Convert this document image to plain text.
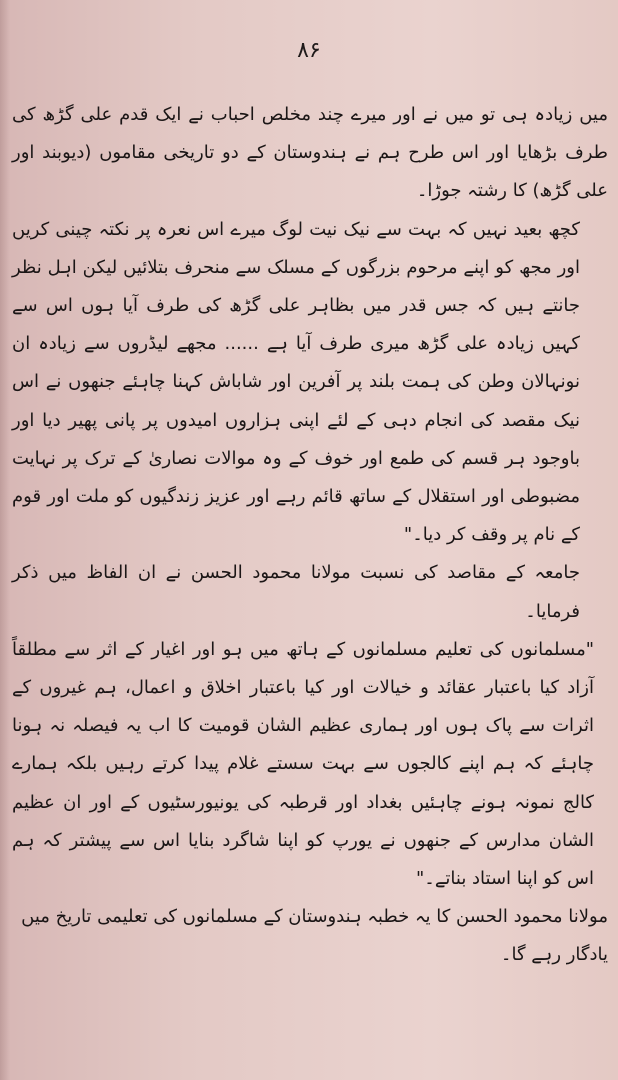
۸۶

میں زیادہ ہی تو میں نے اور میرے چند مخلص احباب نے ایک قدم علی گڑھ کی طرف بڑھایا اور اس طرح ہم نے ہندوستان کے دو تاریخی مقاموں (دیوبند اور علی گڑھ) کا رشتہ جوڑا۔

کچھ بعید نہیں کہ بہت سے نیک نیت لوگ میرے اس نعرہ پر نکتہ چینی کریں اور مجھ کو اپنے مرحوم بزرگوں کے مسلک سے منحرف بتلائیں لیکن اہل نظر جانتے ہیں کہ جس قدر میں بظاہر علی گڑھ کی طرف آیا ہوں اس سے کہیں زیادہ علی گڑھ میری طرف آیا ہے ...... مجھے لیڈروں سے زیادہ ان نونہالان وطن کی ہمت بلند پر آفرین اور شاباش کہنا چاہئے جنھوں نے اس نیک مقصد کی انجام دہی کے لئے اپنی ہزاروں امیدوں پر پانی پھیر دیا اور باوجود ہر قسم کی طمع اور خوف کے وہ موالات نصاریٰ کے ترک پر نہایت مضبوطی اور استقلال کے ساتھ قائم رہے اور عزیز زندگیوں کو ملت اور قوم کے نام پر وقف کر دیا۔"

جامعہ کے مقاصد کی نسبت مولانا محمود الحسن نے ان الفاظ میں ذکر فرمایا۔

"مسلمانوں کی تعلیم مسلمانوں کے ہاتھ میں ہو اور اغیار کے اثر سے مطلقاً آزاد کیا باعتبار عقائد و خیالات اور کیا باعتبار اخلاق و اعمال، ہم غیروں کے اثرات سے پاک ہوں اور ہماری عظیم الشان قومیت کا اب یہ فیصلہ نہ ہونا چاہئے کہ ہم اپنے کالجوں سے بہت سستے غلام پیدا کرتے رہیں بلکہ ہمارے کالج نمونہ ہونے چاہئیں بغداد اور قرطبہ کی یونیورسٹیوں کے اور ان عظیم الشان مدارس کے جنھوں نے یورپ کو اپنا شاگرد بنایا اس سے پیشتر کہ ہم اس کو اپنا استاد بناتے۔"

مولانا محمود الحسن کا یہ خطبہ ہندوستان کے مسلمانوں کی تعلیمی تاریخ میں یادگار رہے گا۔
